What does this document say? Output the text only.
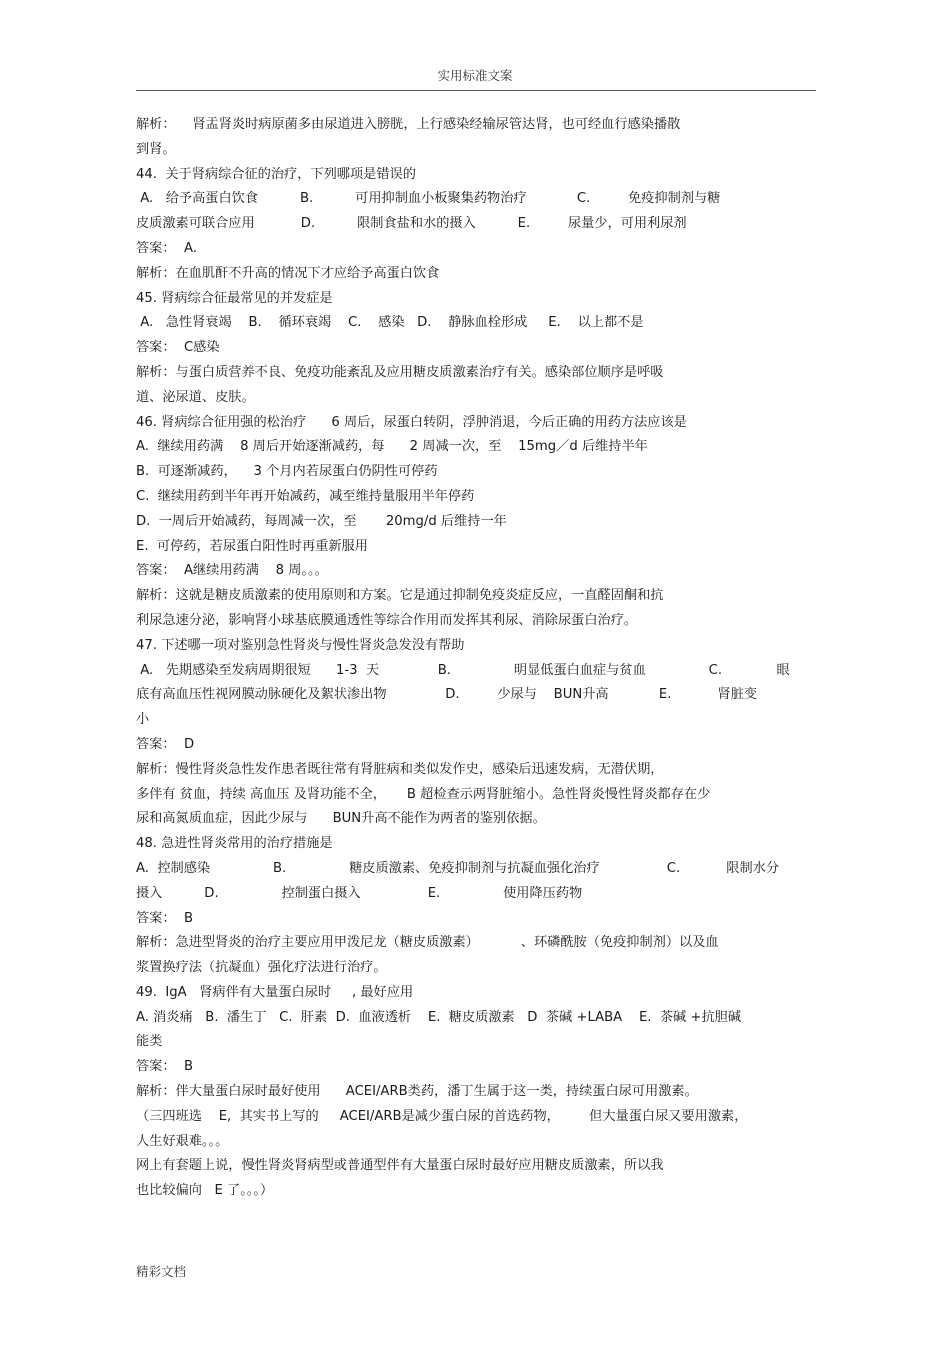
实用标准文案
解析：    肾盂肾炎时病原菌多由尿道进入膀胱，上行感染经输尿管达肾，也可经血行感染播散
到肾。
44.  关于肾病综合征的治疗，下列哪项是错误的
A.   给予高蛋白饮食          B.          可用抑制血小板聚集药物治疗            C.         免疫抑制剂与糖
皮质激素可联合应用           D.          限制食盐和水的摄入          E.         尿量少，可用利尿剂
答案：  A.
解析：在血肌酐不升高的情况下才应给予高蛋白饮食
45. 肾病综合征最常见的并发症是
A.   急性肾衰竭    B.    循环衰竭    C.    感染   D.    静脉血栓形成     E.    以上都不是
答案：  C感染
解析：与蛋白质营养不良、免疫功能紊乱及应用糖皮质激素治疗有关。感染部位顺序是呼吸
道、泌尿道、皮肤。
46. 肾病综合征用强的松治疗      6 周后，尿蛋白转阴，浮肿消退，今后正确的用药方法应该是
A.  继续用药满    8 周后开始逐渐减药，每      2 周减一次，至    15mg／d 后维持半年
B.  可逐渐减药，    3 个月内若尿蛋白仍阴性可停药
C.  继续用药到半年再开始减药，减至维持量服用半年停药
D.  一周后开始减药，每周减一次，至       20mg/d 后维持一年
E.  可停药，若尿蛋白阳性时再重新服用
答案：  A继续用药满    8 周。。。
解析：这就是糖皮质激素的使用原则和方案。它是通过抑制免疫炎症反应，一直醛固酮和抗
利尿急速分泌，影响肾小球基底膜通透性等综合作用而发挥其利尿、消除尿蛋白治疗。
47. 下述哪一项对鉴别急性肾炎与慢性肾炎急发没有帮助
A.   先期感染至发病周期很短      1-3  天              B.               明显低蛋白血症与贫血               C.             眼
底有高血压性视网膜动脉硬化及絮状渗出物              D.         少尿与    BUN升高            E.           肾脏变
小
答案：  D
解析：慢性肾炎急性发作患者既往常有肾脏病和类似发作史，感染后迅速发病，无潜伏期，
多伴有 贫血，持续 高血压 及肾功能不全，     B 超检查示两肾脏缩小。急性肾炎慢性肾炎都存在少
尿和高氮质血症，因此少尿与      BUN升高不能作为两者的鉴别依据。
48. 急进性肾炎常用的治疗措施是
A.  控制感染               B.               糖皮质激素、免疫抑制剂与抗凝血强化治疗                C.           限制水分
摄入          D.               控制蛋白摄入                E.               使用降压药物
答案：  B
解析：急进型肾炎的治疗主要应用甲泼尼龙（糖皮质激素）          、环磷酰胺（免疫抑制剂）以及血
浆置换疗法（抗凝血）强化疗法进行治疗。
49.  IgA   肾病伴有大量蛋白尿时     , 最好应用
A. 消炎痛   B.  潘生丁   C.  肝素  D.  血液透析    E.  糖皮质激素   D  茶碱 +LABA    E.  茶碱 +抗胆碱
能类
答案：  B
解析：伴大量蛋白尿时最好使用      ACEI/ARB类药，潘丁生属于这一类，持续蛋白尿可用激素。
（三四班选    E,  其实书上写的     ACEI/ARB是减少蛋白尿的首选药物，       但大量蛋白尿又要用激素，
人生好艰难。。。
网上有套题上说，慢性肾炎肾病型或普通型伴有大量蛋白尿时最好应用糖皮质激素，所以我
也比较偏向   E 了。。。）
精彩文档
